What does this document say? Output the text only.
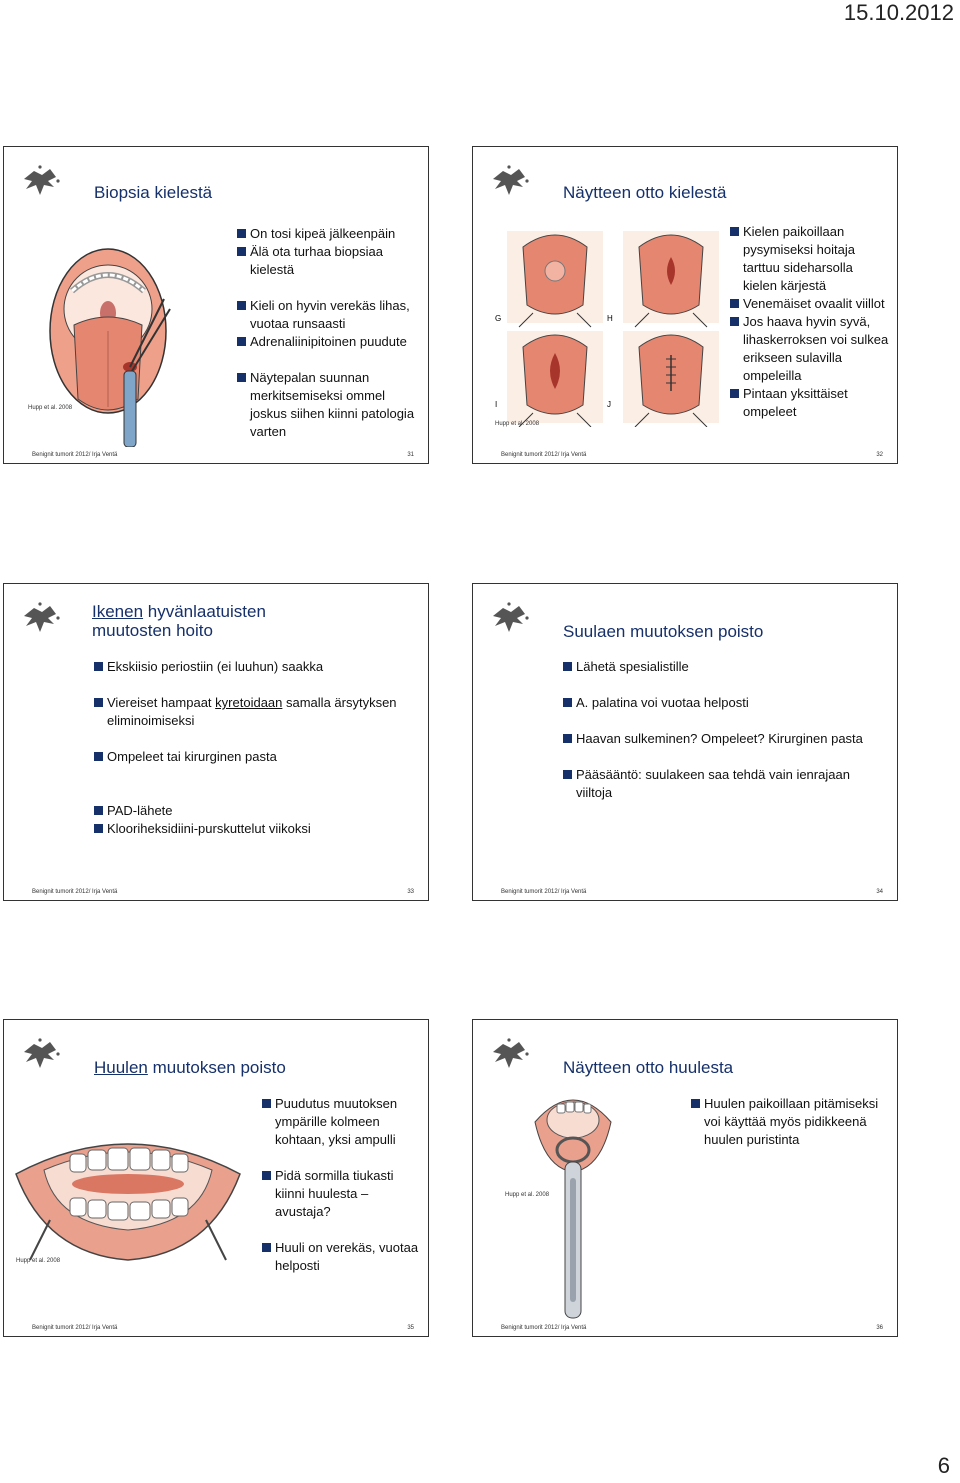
15.10.2012
Biopsia kielestä
Hupp et al. 2008
On tosi kipeä jälkeenpäin
Älä ota turhaa biopsiaa kielestä
Kieli on hyvin verekäs lihas, vuotaa runsaasti
Adrenaliinipitoinen puudute
Näytepalan suunnan merkitsemiseksi ommel joskus siihen kiinni patologia varten
Benignit tumorit 2012/ Irja Ventä	31
Näytteen otto kielestä
G	H
I	J
Hupp et al. 2008
Kielen paikoillaan pysymiseksi hoitaja tarttuu sideharsolla kielen kärjestä
Venemäiset ovaalit viillot
Jos haava hyvin syvä, lihaskerroksen voi sulkea erikseen sulavilla ompeleilla
Pintaan yksittäiset ompeleet
Benignit tumorit 2012/ Irja Ventä	32
Ikenen hyvänlaatuisten
muutosten hoito
Ekskiisio periostiin (ei luuhun) saakka
Viereiset hampaat kyretoidaan samalla ärsytyksen eliminoimiseksi
Ompeleet tai kirurginen pasta
PAD-lähete
Klooriheksidiini-purskuttelut viikoksi
Benignit tumorit 2012/ Irja Ventä	33
Suulaen muutoksen poisto
Lähetä spesialistille
A. palatina voi vuotaa helposti
Haavan sulkeminen? Ompeleet? Kirurginen pasta
Pääsääntö: suulakeen saa tehdä vain ienrajaan viiltoja
Benignit tumorit 2012/ Irja Ventä	34
Huulen muutoksen poisto
Hupp et al. 2008
Puudutus muutoksen ympärille kolmeen kohtaan, yksi ampulli
Pidä sormilla tiukasti kiinni huulesta – avustaja?
Huuli on verekäs, vuotaa helposti
Benignit tumorit 2012/ Irja Ventä	35
Näytteen otto huulesta
Hupp et al. 2008
Huulen paikoillaan pitämiseksi voi käyttää myös pidikkeenä huulen puristinta
Benignit tumorit 2012/ Irja Ventä	36
6
